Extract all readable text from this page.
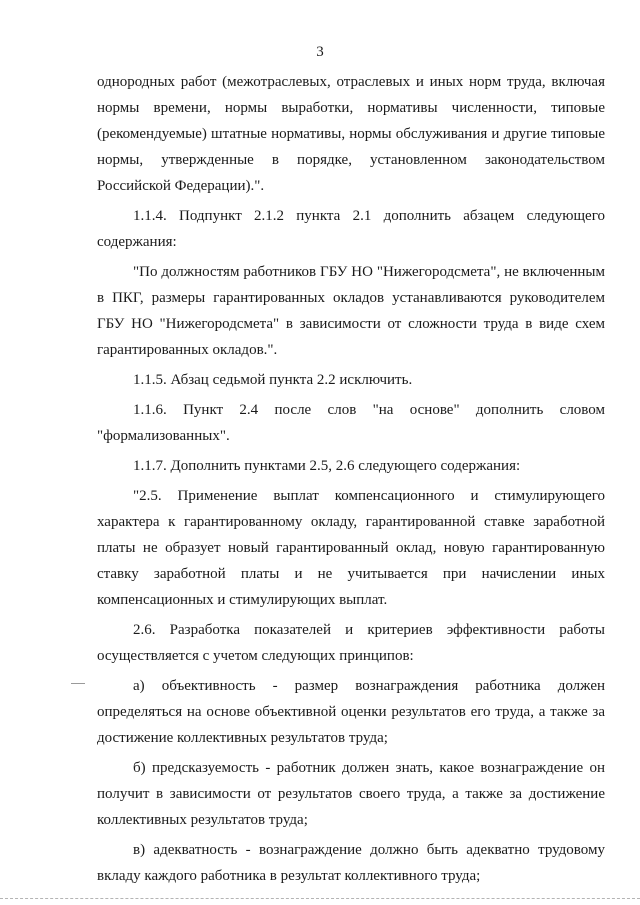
3

однородных работ (межотраслевых, отраслевых и иных норм труда, включая нормы времени, нормы выработки, нормативы численности, типовые (рекомендуемые) штатные нормативы, нормы обслуживания и другие типовые нормы, утвержденные в порядке, установленном законодательством Российской Федерации).".

1.1.4. Подпункт 2.1.2 пункта 2.1 дополнить абзацем следующего содержания:

"По должностям работников ГБУ НО "Нижегородсмета", не включенным в ПКГ, размеры гарантированных окладов устанавливаются руководителем ГБУ НО "Нижегородсмета" в зависимости от сложности труда в виде схем гарантированных окладов.".

1.1.5. Абзац седьмой пункта 2.2 исключить.

1.1.6. Пункт 2.4 после слов "на основе" дополнить словом "формализованных".

1.1.7. Дополнить пунктами 2.5, 2.6 следующего содержания:

"2.5. Применение выплат компенсационного и стимулирующего характера к гарантированному окладу, гарантированной ставке заработной платы не образует новый гарантированный оклад, новую гарантированную ставку заработной платы и не учитывается при начислении иных компенсационных и стимулирующих выплат.

2.6. Разработка показателей и критериев эффективности работы осуществляется с учетом следующих принципов:

а) объективность - размер вознаграждения работника должен определяться на основе объективной оценки результатов его труда, а также за достижение коллективных результатов труда;

б) предсказуемость - работник должен знать, какое вознаграждение он получит в зависимости от результатов своего труда, а также за достижение коллективных результатов труда;

в) адекватность - вознаграждение должно быть адекватно трудовому вкладу каждого работника в результат коллективного труда;
